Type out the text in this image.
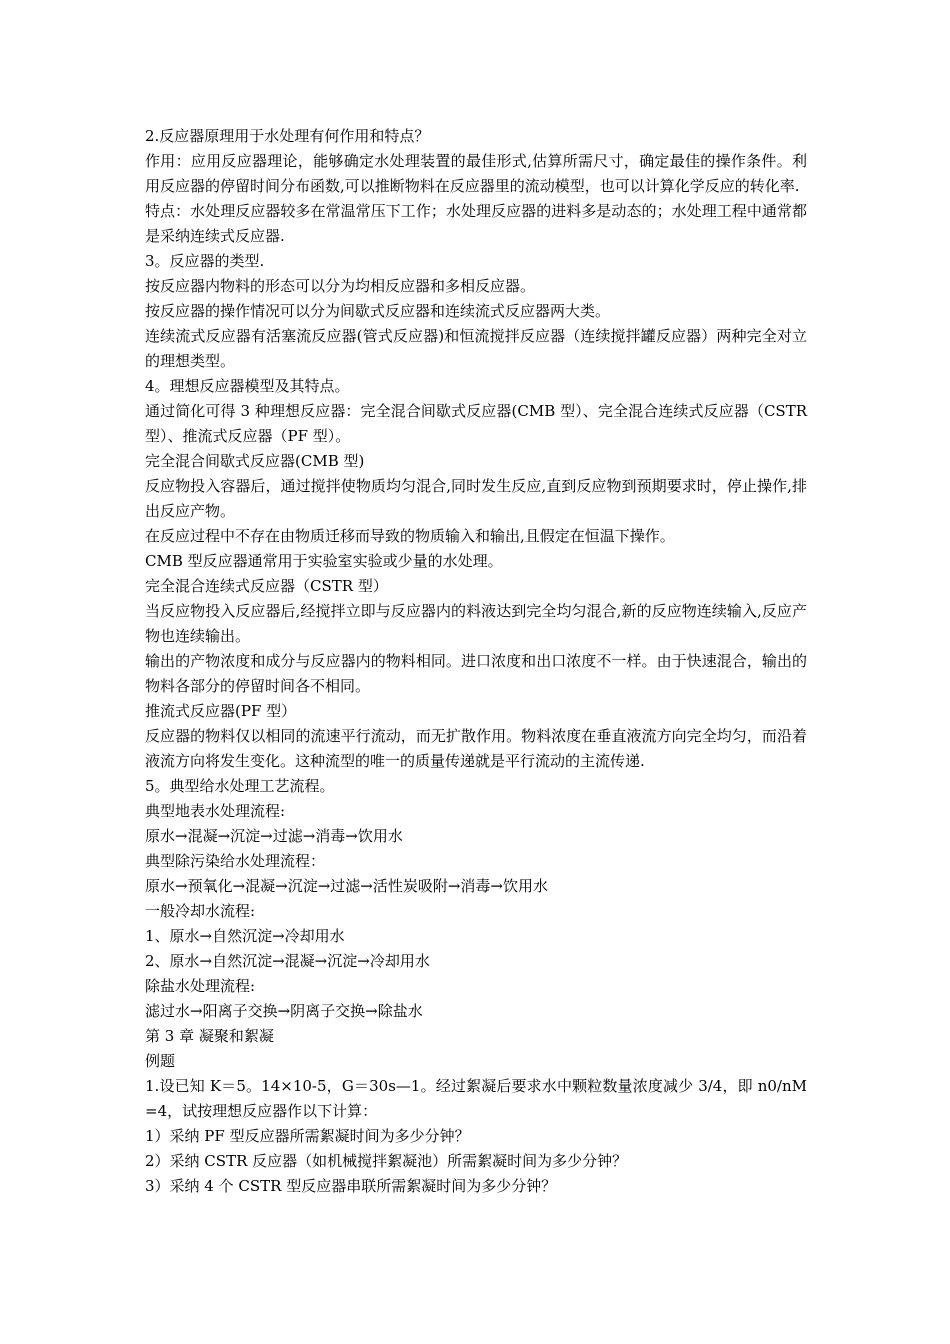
2.反应器原理用于水处理有何作用和特点？

作用：应用反应器理论，能够确定水处理装置的最佳形式,估算所需尺寸，确定最佳的操作条件。利用反应器的停留时间分布函数,可以推断物料在反应器里的流动模型，也可以计算化学反应的转化率.

特点：水处理反应器较多在常温常压下工作；水处理反应器的进料多是动态的；水处理工程中通常都是采纳连续式反应器.

3。反应器的类型.

按反应器内物料的形态可以分为均相反应器和多相反应器。

按反应器的操作情况可以分为间歇式反应器和连续流式反应器两大类。

连续流式反应器有活塞流反应器(管式反应器)和恒流搅拌反应器（连续搅拌罐反应器）两种完全对立的理想类型。

4。理想反应器模型及其特点。

通过简化可得 3 种理想反应器：完全混合间歇式反应器(CMB 型）、完全混合连续式反应器（CSTR 型）、推流式反应器（PF 型）。

完全混合间歇式反应器(CMB 型)

反应物投入容器后，通过搅拌使物质均匀混合,同时发生反应,直到反应物到预期要求时，停止操作,排出反应产物。

在反应过程中不存在由物质迁移而导致的物质输入和输出,且假定在恒温下操作。

CMB 型反应器通常用于实验室实验或少量的水处理。

完全混合连续式反应器（CSTR 型）

当反应物投入反应器后,经搅拌立即与反应器内的料液达到完全均匀混合,新的反应物连续输入,反应产物也连续输出。

输出的产物浓度和成分与反应器内的物料相同。进口浓度和出口浓度不一样。由于快速混合，输出的物料各部分的停留时间各不相同。

推流式反应器(PF 型）

反应器的物料仅以相同的流速平行流动，而无扩散作用。物料浓度在垂直液流方向完全均匀，而沿着液流方向将发生变化。这种流型的唯一的质量传递就是平行流动的主流传递.

5。典型给水处理工艺流程。

典型地表水处理流程:

原水→混凝→沉淀→过滤→消毒→饮用水

典型除污染给水处理流程：

原水→预氧化→混凝→沉淀→过滤→活性炭吸附→消毒→饮用水

一般冷却水流程:

1、原水→自然沉淀→冷却用水

2、原水→自然沉淀→混凝→沉淀→冷却用水

除盐水处理流程:

滤过水→阳离子交换→阴离子交换→除盐水

第 3 章 凝聚和絮凝

例题

1.设已知 K＝5。14×10-5，G＝30s—1。经过絮凝后要求水中颗粒数量浓度减少 3/4，即 n0/nM=4，试按理想反应器作以下计算：

1）采纳 PF 型反应器所需絮凝时间为多少分钟？

2）采纳 CSTR 反应器（如机械搅拌絮凝池）所需絮凝时间为多少分钟？

3）采纳 4 个 CSTR 型反应器串联所需絮凝时间为多少分钟？
